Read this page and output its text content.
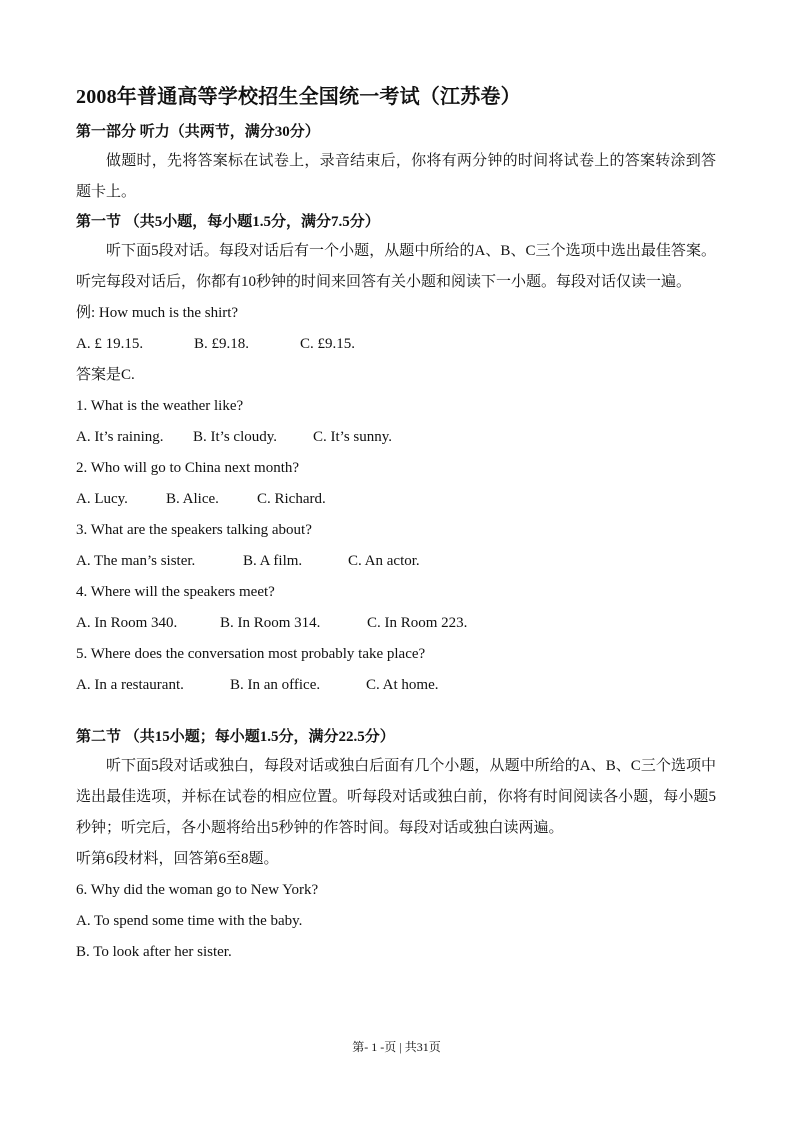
2008年普通高等学校招生全国统一考试（江苏卷）
第一部分 听力（共两节，满分30分）

做题时，先将答案标在试卷上，录音结束后，你将有两分钟的时间将试卷上的答案转涂到答题卡上。

第一节 （共5小题，每小题1.5分，满分7.5分）

听下面5段对话。每段对话后有一个小题，从题中所给的A、B、C三个选项中选出最佳答案。听完每段对话后，你都有10秒钟的时间来回答有关小题和阅读下一小题。每段对话仅读一遍。

例: How much is the shirt?
A. £ 19.15.	B. £9.18.	C. £9.15.
答案是C.
1. What is the weather like?
A. It’s raining.	B. It’s cloudy.	C. It’s sunny.
2. Who will go to China next month?
A. Lucy.	B. Alice.	C. Richard.
3. What are the speakers talking about?
A. The man’s sister.	B. A film.	C. An actor.
4. Where will the speakers meet?
A. In Room 340.	B. In Room 314.	C. In Room 223.
5. Where does the conversation most probably take place?
A. In a restaurant.	B. In an office.	C. At home.
第二节 （共15小题；每小题1.5分，满分22.5分）

听下面5段对话或独白，每段对话或独白后面有几个小题，从题中所给的A、B、C三个选项中选出最佳选项，并标在试卷的相应位置。听每段对话或独白前，你将有时间阅读各小题，每小题5秒钟；听完后，各小题将给出5秒钟的作答时间。每段对话或独白读两遍。

听第6段材料，回答第6至8题。
6. Why did the woman go to New York?
A. To spend some time with the baby.
B. To look after her sister.
第- 1 -页 | 共31页
